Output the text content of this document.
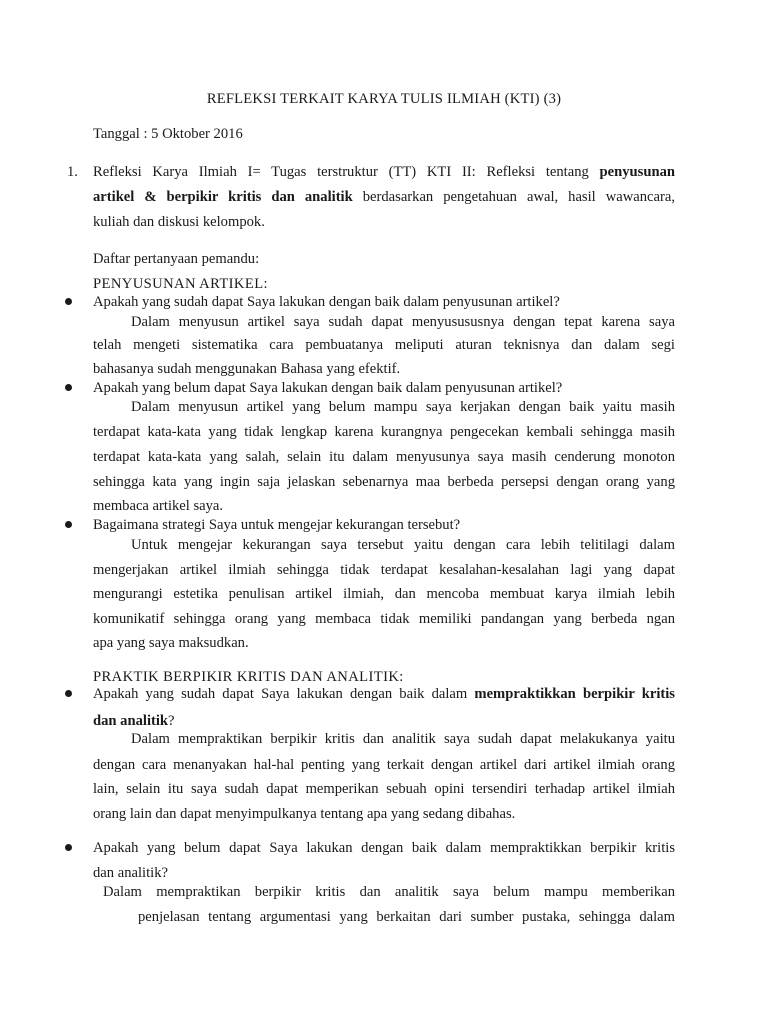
REFLEKSI TERKAIT KARYA TULIS ILMIAH (KTI) (3)
Tanggal : 5 Oktober 2016
1. Refleksi Karya Ilmiah I= Tugas terstruktur (TT) KTI II: Refleksi tentang penyusunan
artikel & berpikir kritis dan analitik berdasarkan pengetahuan awal, hasil wawancara,
kuliah dan diskusi kelompok.
Daftar pertanyaan pemandu:
PENYUSUNAN ARTIKEL:
Apakah yang sudah dapat Saya lakukan dengan baik dalam penyusunan artikel?
Dalam menyusun artikel saya sudah dapat menyusususnya dengan tepat karena saya
telah mengeti sistematika cara pembuatanya meliputi aturan teknisnya dan dalam segi
bahasanya sudah menggunakan Bahasa yang efektif.
Apakah yang belum dapat Saya lakukan dengan baik dalam penyusunan artikel?
Dalam menyusun artikel yang belum mampu saya kerjakan dengan baik yaitu masih
terdapat kata-kata yang tidak lengkap karena kurangnya pengecekan kembali sehingga masih
terdapat kata-kata yang salah, selain itu dalam menyusunya saya masih cenderung monoton
sehingga kata yang ingin saja jelaskan sebenarnya maa berbeda persepsi dengan orang yang
membaca artikel saya.
Bagaimana strategi Saya untuk mengejar kekurangan tersebut?
Untuk mengejar kekurangan saya tersebut yaitu dengan cara lebih telitilagi dalam
mengerjakan artikel ilmiah sehingga tidak terdapat kesalahan-kesalahan lagi yang dapat
mengurangi estetika penulisan artikel ilmiah, dan mencoba membuat karya ilmiah lebih
komunikatif sehingga orang yang membaca tidak memiliki pandangan yang berbeda ngan
apa yang saya maksudkan.
PRAKTIK BERPIKIR KRITIS DAN ANALITIK:
Apakah yang sudah dapat Saya lakukan dengan baik dalam mempraktikkan berpikir kritis
dan analitik?
Dalam mempraktikan berpikir kritis dan analitik saya sudah dapat melakukanya yaitu
dengan cara menanyakan hal-hal penting yang terkait dengan artikel dari artikel ilmiah orang
lain, selain itu saya sudah dapat memperikan sebuah opini tersendiri terhadap artikel ilmiah
orang lain dan dapat menyimpulkanya tentang apa yang sedang dibahas.
Apakah yang belum dapat Saya lakukan dengan baik dalam mempraktikkan berpikir kritis
dan analitik?
Dalam mempraktikan berpikir kritis dan analitik saya belum mampu memberikan
penjelasan tentang argumentasi yang berkaitan dari sumber pustaka, sehingga dalam
